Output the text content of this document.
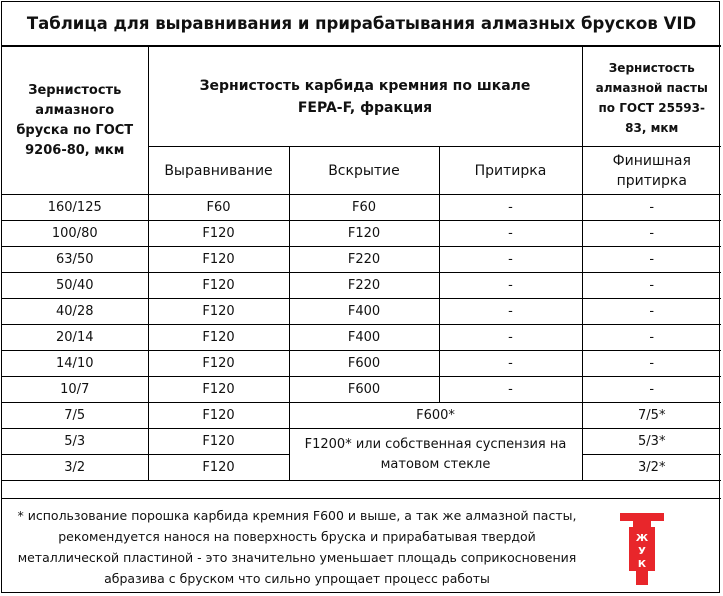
Таблица для выравнивания и прирабатывания алмазных брусков VID
Зернистость алмазного бруска по ГОСТ 9206-80, мкм	Зернистость карбида кремния по шкале FEPA-F, фракция			Зернистость алмазной пасты по ГОСТ 25593-83, мкм

	Выравнивание	Вскрытие	Притирка	Финишная притирка
160/125	F60	F60	-	-
100/80	F120	F120	-	-
63/50	F120	F220	-	-
50/40	F120	F220	-	-
40/28	F120	F400	-	-
20/14	F120	F400	-	-
14/10	F120	F600	-	-
10/7	F120	F600	-	-
7/5	F120	F600*		7/5*
5/3	F120	F1200* или собственная суспензия на матовом стекле		5/3*
3/2	F120			3/2*
* использование порошка карбида кремния F600 и выше, а так же алмазной пасты, рекомендуется нанося на поверхность бруска и прирабатывая твердой металлической пластиной - это значительно уменьшает площадь соприкосновения абразива с бруском что сильно упрощает процесс работы
Ж
У
К
